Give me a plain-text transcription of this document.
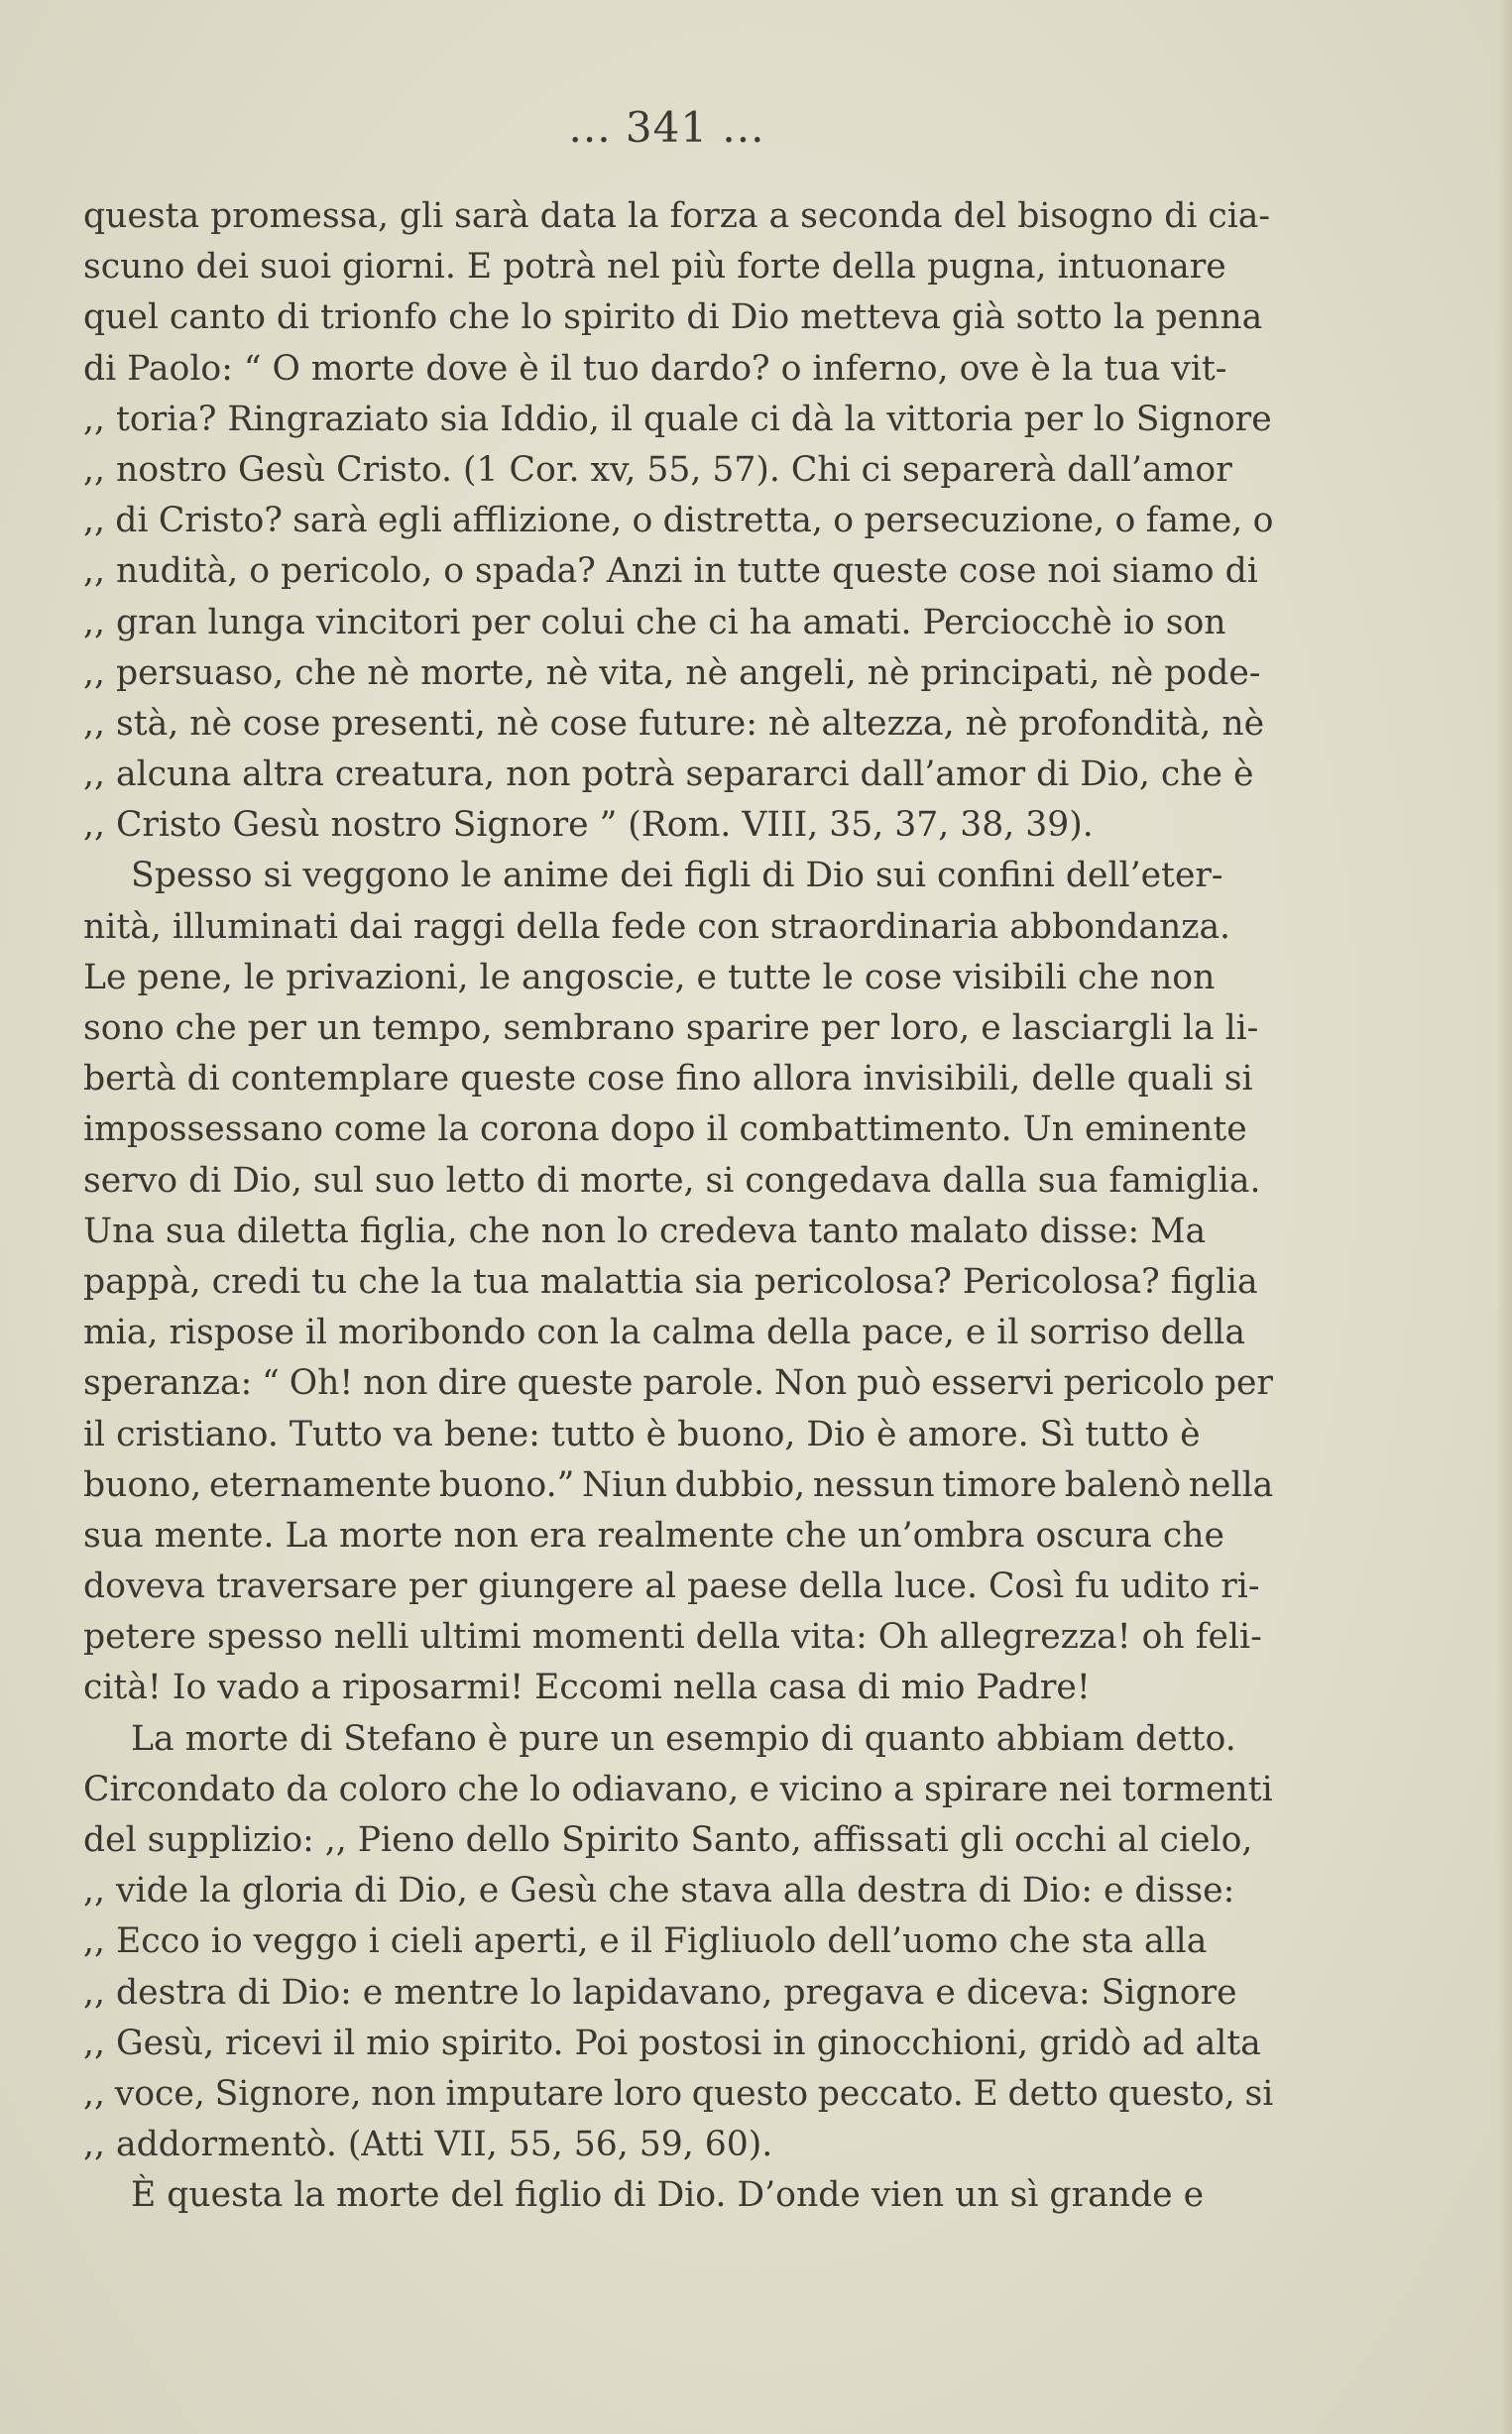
... 341 ...
questa promessa, gli sarà data la forza a seconda del bisogno di cia-
scuno dei suoi giorni. E potrà nel più forte della pugna, intuonare
quel canto di trionfo che lo spirito di Dio metteva già sotto la penna
di Paolo: “ O morte dove è il tuo dardo? o inferno, ove è la tua vit-
,, toria? Ringraziato sia Iddio, il quale ci dà la vittoria per lo Signore
,, nostro Gesù Cristo. (1 Cor. xv, 55, 57). Chi ci separerà dall’amor
,, di Cristo? sarà egli afflizione, o distretta, o persecuzione, o fame, o
,, nudità, o pericolo, o spada? Anzi in tutte queste cose noi siamo di
,, gran lunga vincitori per colui che ci ha amati. Perciocchè io son
,, persuaso, che nè morte, nè vita, nè angeli, nè principati, nè pode-
,, stà, nè cose presenti, nè cose future: nè altezza, nè profondità, nè
,, alcuna altra creatura, non potrà separarci dall’amor di Dio, che è
,, Cristo Gesù nostro Signore ” (Rom. VIII, 35, 37, 38, 39).
Spesso si veggono le anime dei figli di Dio sui confini dell’eter-
nità, illuminati dai raggi della fede con straordinaria abbondanza.
Le pene, le privazioni, le angoscie, e tutte le cose visibili che non
sono che per un tempo, sembrano sparire per loro, e lasciargli la li-
bertà di contemplare queste cose fino allora invisibili, delle quali si
impossessano come la corona dopo il combattimento. Un eminente
servo di Dio, sul suo letto di morte, si congedava dalla sua famiglia.
Una sua diletta figlia, che non lo credeva tanto malato disse: Ma
pappà, credi tu che la tua malattia sia pericolosa? Pericolosa? figlia
mia, rispose il moribondo con la calma della pace, e il sorriso della
speranza: “ Oh! non dire queste parole. Non può esservi pericolo per
il cristiano. Tutto va bene: tutto è buono, Dio è amore. Sì tutto è
buono, eternamente buono.” Niun dubbio, nessun timore balenò nella
sua mente. La morte non era realmente che un’ombra oscura che
doveva traversare per giungere al paese della luce. Così fu udito ri-
petere spesso nelli ultimi momenti della vita: Oh allegrezza! oh feli-
cità! Io vado a riposarmi! Eccomi nella casa di mio Padre!
La morte di Stefano è pure un esempio di quanto abbiam detto.
Circondato da coloro che lo odiavano, e vicino a spirare nei tormenti
del supplizio: ,, Pieno dello Spirito Santo, affissati gli occhi al cielo,
,, vide la gloria di Dio, e Gesù che stava alla destra di Dio: e disse:
,, Ecco io veggo i cieli aperti, e il Figliuolo dell’uomo che sta alla
,, destra di Dio: e mentre lo lapidavano, pregava e diceva: Signore
,, Gesù, ricevi il mio spirito. Poi postosi in ginocchioni, gridò ad alta
,, voce, Signore, non imputare loro questo peccato. E detto questo, si
,, addormentò. (Atti VII, 55, 56, 59, 60).
È questa la morte del figlio di Dio. D’onde vien un sì grande e
